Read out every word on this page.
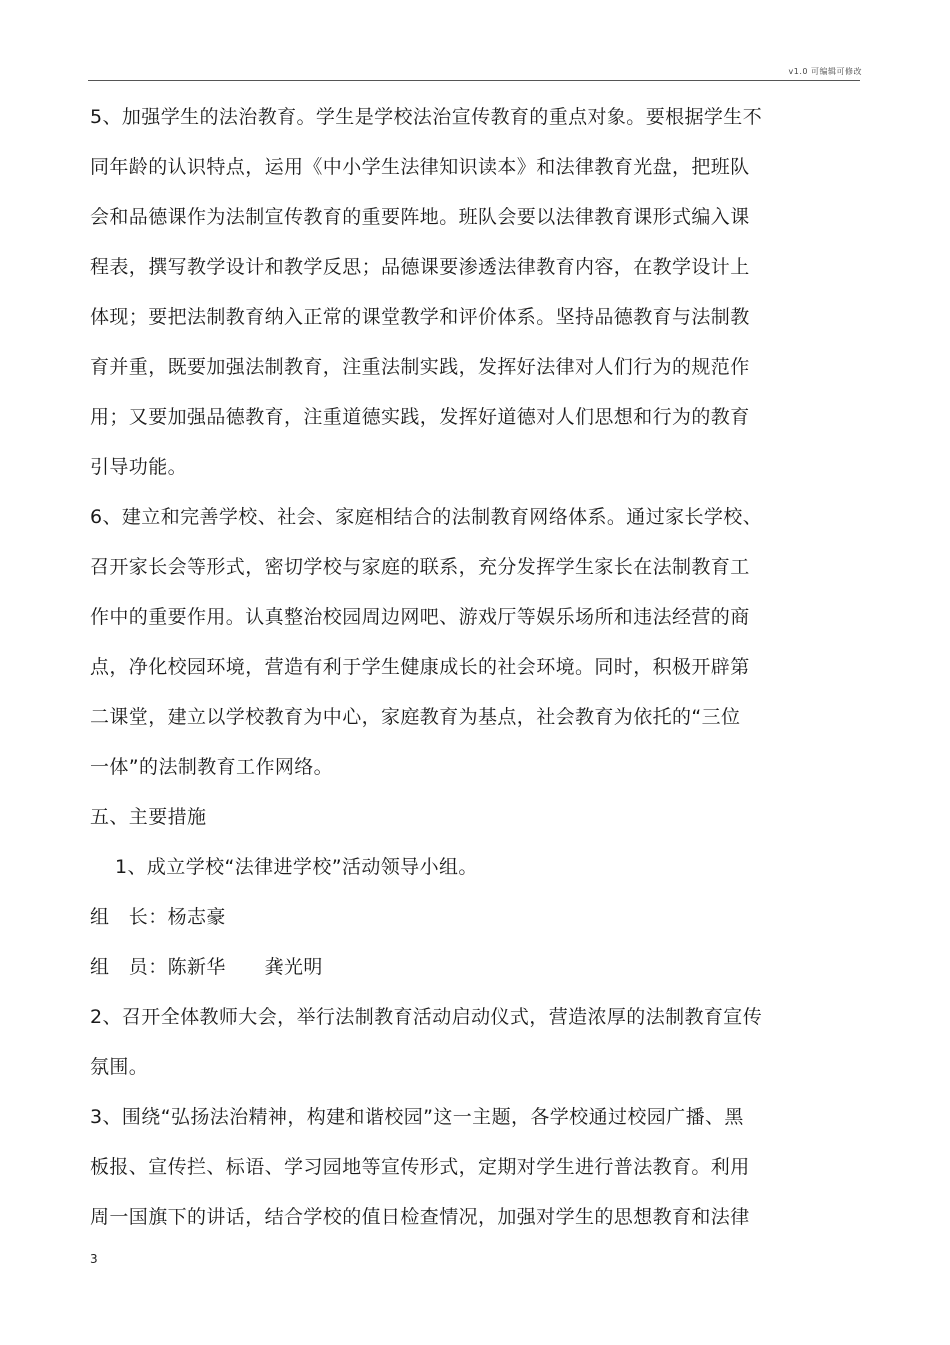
v1.0 可编辑可修改
5、加强学生的法治教育。学生是学校法治宣传教育的重点对象。要根据学生不
同年龄的认识特点，运用《中小学生法律知识读本》和法律教育光盘，把班队
会和品德课作为法制宣传教育的重要阵地。班队会要以法律教育课形式编入课
程表，撰写教学设计和教学反思；品德课要渗透法律教育内容，在教学设计上
体现；要把法制教育纳入正常的课堂教学和评价体系。坚持品德教育与法制教
育并重，既要加强法制教育，注重法制实践，发挥好法律对人们行为的规范作
用；又要加强品德教育，注重道德实践，发挥好道德对人们思想和行为的教育
引导功能。
6、建立和完善学校、社会、家庭相结合的法制教育网络体系。通过家长学校、
召开家长会等形式，密切学校与家庭的联系，充分发挥学生家长在法制教育工
作中的重要作用。认真整治校园周边网吧、游戏厅等娱乐场所和违法经营的商
点，净化校园环境，营造有利于学生健康成长的社会环境。同时，积极开辟第
二课堂，建立以学校教育为中心，家庭教育为基点，社会教育为依托的“三位
一体”的法制教育工作网络。
五、主要措施
1、成立学校“法律进学校”活动领导小组。
组　长：杨志豪
组　员：陈新华　　龚光明
2、召开全体教师大会，举行法制教育活动启动仪式，营造浓厚的法制教育宣传
氛围。
3、围绕“弘扬法治精神，构建和谐校园”这一主题，各学校通过校园广播、黑
板报、宣传拦、标语、学习园地等宣传形式，定期对学生进行普法教育。利用
周一国旗下的讲话，结合学校的值日检查情况，加强对学生的思想教育和法律
3
